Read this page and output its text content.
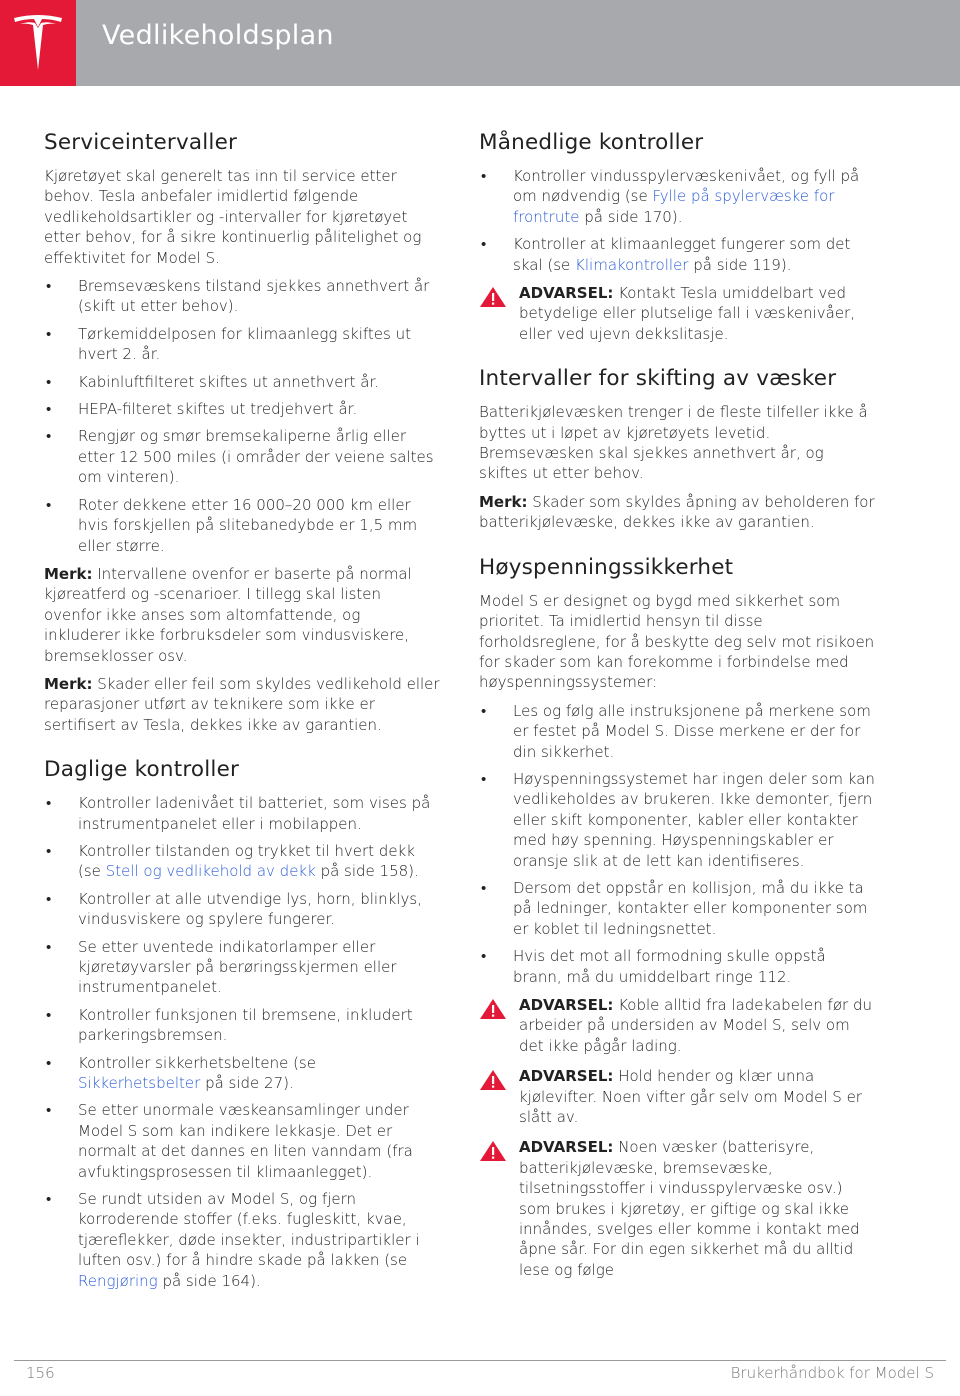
Vedlikeholdsplan
Serviceintervaller

Kjøretøyet skal generelt tas inn til service etter behov. Tesla anbefaler imidlertid følgende vedlikeholdsartikler og -intervaller for kjøretøyet etter behov, for å sikre kontinuerlig pålitelighet og effektivitet for Model S.

• Bremsevæskens tilstand sjekkes annethvert år (skift ut etter behov).
• Tørkemiddelposen for klimaanlegg skiftes ut hvert 2. år.
• Kabinluftfilteret skiftes ut annethvert år.
• HEPA-filteret skiftes ut tredjehvert år.
• Rengjør og smør bremsekaliperne årlig eller etter 12 500 miles (i områder der veiene saltes om vinteren).
• Roter dekkene etter 16 000–20 000 km eller hvis forskjellen på slitebanedybde er 1,5 mm eller større.

Merk: Intervallene ovenfor er baserte på normal kjøreatferd og -scenarioer. I tillegg skal listen ovenfor ikke anses som altomfattende, og inkluderer ikke forbruksdeler som vindusviskere, bremseklosser osv.

Merk: Skader eller feil som skyldes vedlikehold eller reparasjoner utført av teknikere som ikke er sertifisert av Tesla, dekkes ikke av garantien.

Daglige kontroller
• Kontroller ladenivået til batteriet, som vises på instrumentpanelet eller i mobilappen.
• Kontroller tilstanden og trykket til hvert dekk (se Stell og vedlikehold av dekk på side 158).
• Kontroller at alle utvendige lys, horn, blinklys, vindusviskere og spylere fungerer.
• Se etter uventede indikatorlamper eller kjøretøyvarsler på berøringsskjermen eller instrumentpanelet.
• Kontroller funksjonen til bremsene, inkludert parkeringsbremsen.
• Kontroller sikkerhetsbeltene (se Sikkerhetsbelter på side 27).
• Se etter unormale væskeansamlinger under Model S som kan indikere lekkasje. Det er normalt at det dannes en liten vanndam (fra avfuktingsprosessen til klimaanlegget).
• Se rundt utsiden av Model S, og fjern korroderende stoffer (f.eks. fugleskitt, kvae, tjæreflekker, døde insekter, industripartikler i luften osv.) for å hindre skade på lakken (se Rengjøring på side 164).
Månedlige kontroller
• Kontroller vindusspylervæskenivået, og fyll på om nødvendig (se Fylle på spylervæske for frontrute på side 170).
• Kontroller at klimaanlegget fungerer som det skal (se Klimakontroller på side 119).
ADVARSEL: Kontakt Tesla umiddelbart ved betydelige eller plutselige fall i væskenivåer, eller ved ujevn dekkslitasje.
Intervaller for skifting av væsker

Batterikjølevæsken trenger i de fleste tilfeller ikke å byttes ut i løpet av kjøretøyets levetid. Bremsevæsken skal sjekkes annethvert år, og skiftes ut etter behov.

Merk: Skader som skyldes åpning av beholderen for batterikjølevæske, dekkes ikke av garantien.

Høyspenningssikkerhet

Model S er designet og bygd med sikkerhet som prioritet. Ta imidlertid hensyn til disse forholdsreglene, for å beskytte deg selv mot risikoen for skader som kan forekomme i forbindelse med høyspenningssystemer:

• Les og følg alle instruksjonene på merkene som er festet på Model S. Disse merkene er der for din sikkerhet.
• Høyspenningssystemet har ingen deler som kan vedlikeholdes av brukeren. Ikke demonter, fjern eller skift komponenter, kabler eller kontakter med høy spenning. Høyspenningskabler er oransje slik at de lett kan identifiseres.
• Dersom det oppstår en kollisjon, må du ikke ta på ledninger, kontakter eller komponenter som er koblet til ledningsnettet.
• Hvis det mot all formodning skulle oppstå brann, må du umiddelbart ringe 112.
ADVARSEL: Koble alltid fra ladekabelen før du arbeider på undersiden av Model S, selv om det ikke pågår lading.
ADVARSEL: Hold hender og klær unna kjølevifter. Noen vifter går selv om Model S er slått av.
ADVARSEL: Noen væsker (batterisyre, batterikjølevæske, bremsevæske, tilsetningsstoffer i vindusspylervæske osv.) som brukes i kjøretøy, er giftige og skal ikke innåndes, svelges eller komme i kontakt med åpne sår. For din egen sikkerhet må du alltid lese og følge
156	Brukerhåndbok for Model S
